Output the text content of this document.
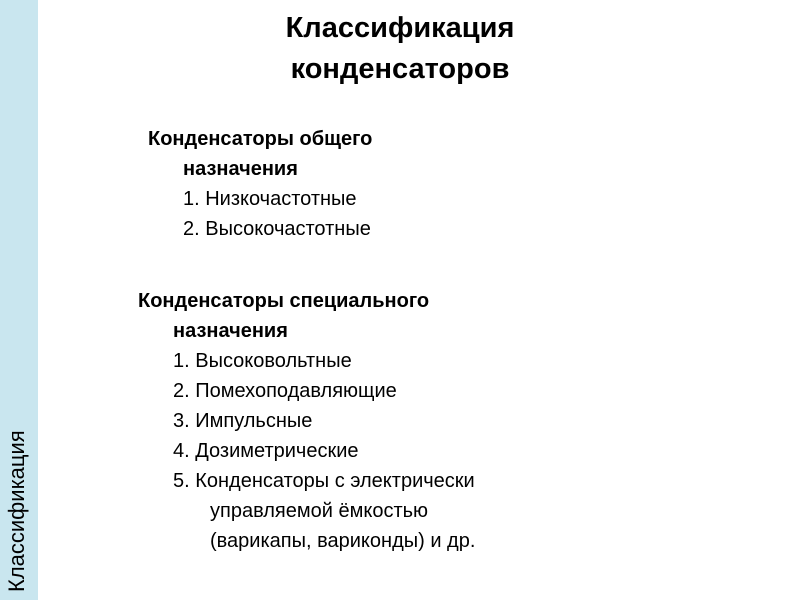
Классификация
Классификация
конденсаторов
Конденсаторы общего
назначения
1. Низкочастотные
2. Высокочастотные
Конденсаторы специального
назначения
1. Высоковольтные
2. Помехоподавляющие
3. Импульсные
4. Дозиметрические
5. Конденсаторы с электрически
управляемой ёмкостью
(варикапы, вариконды) и др.
